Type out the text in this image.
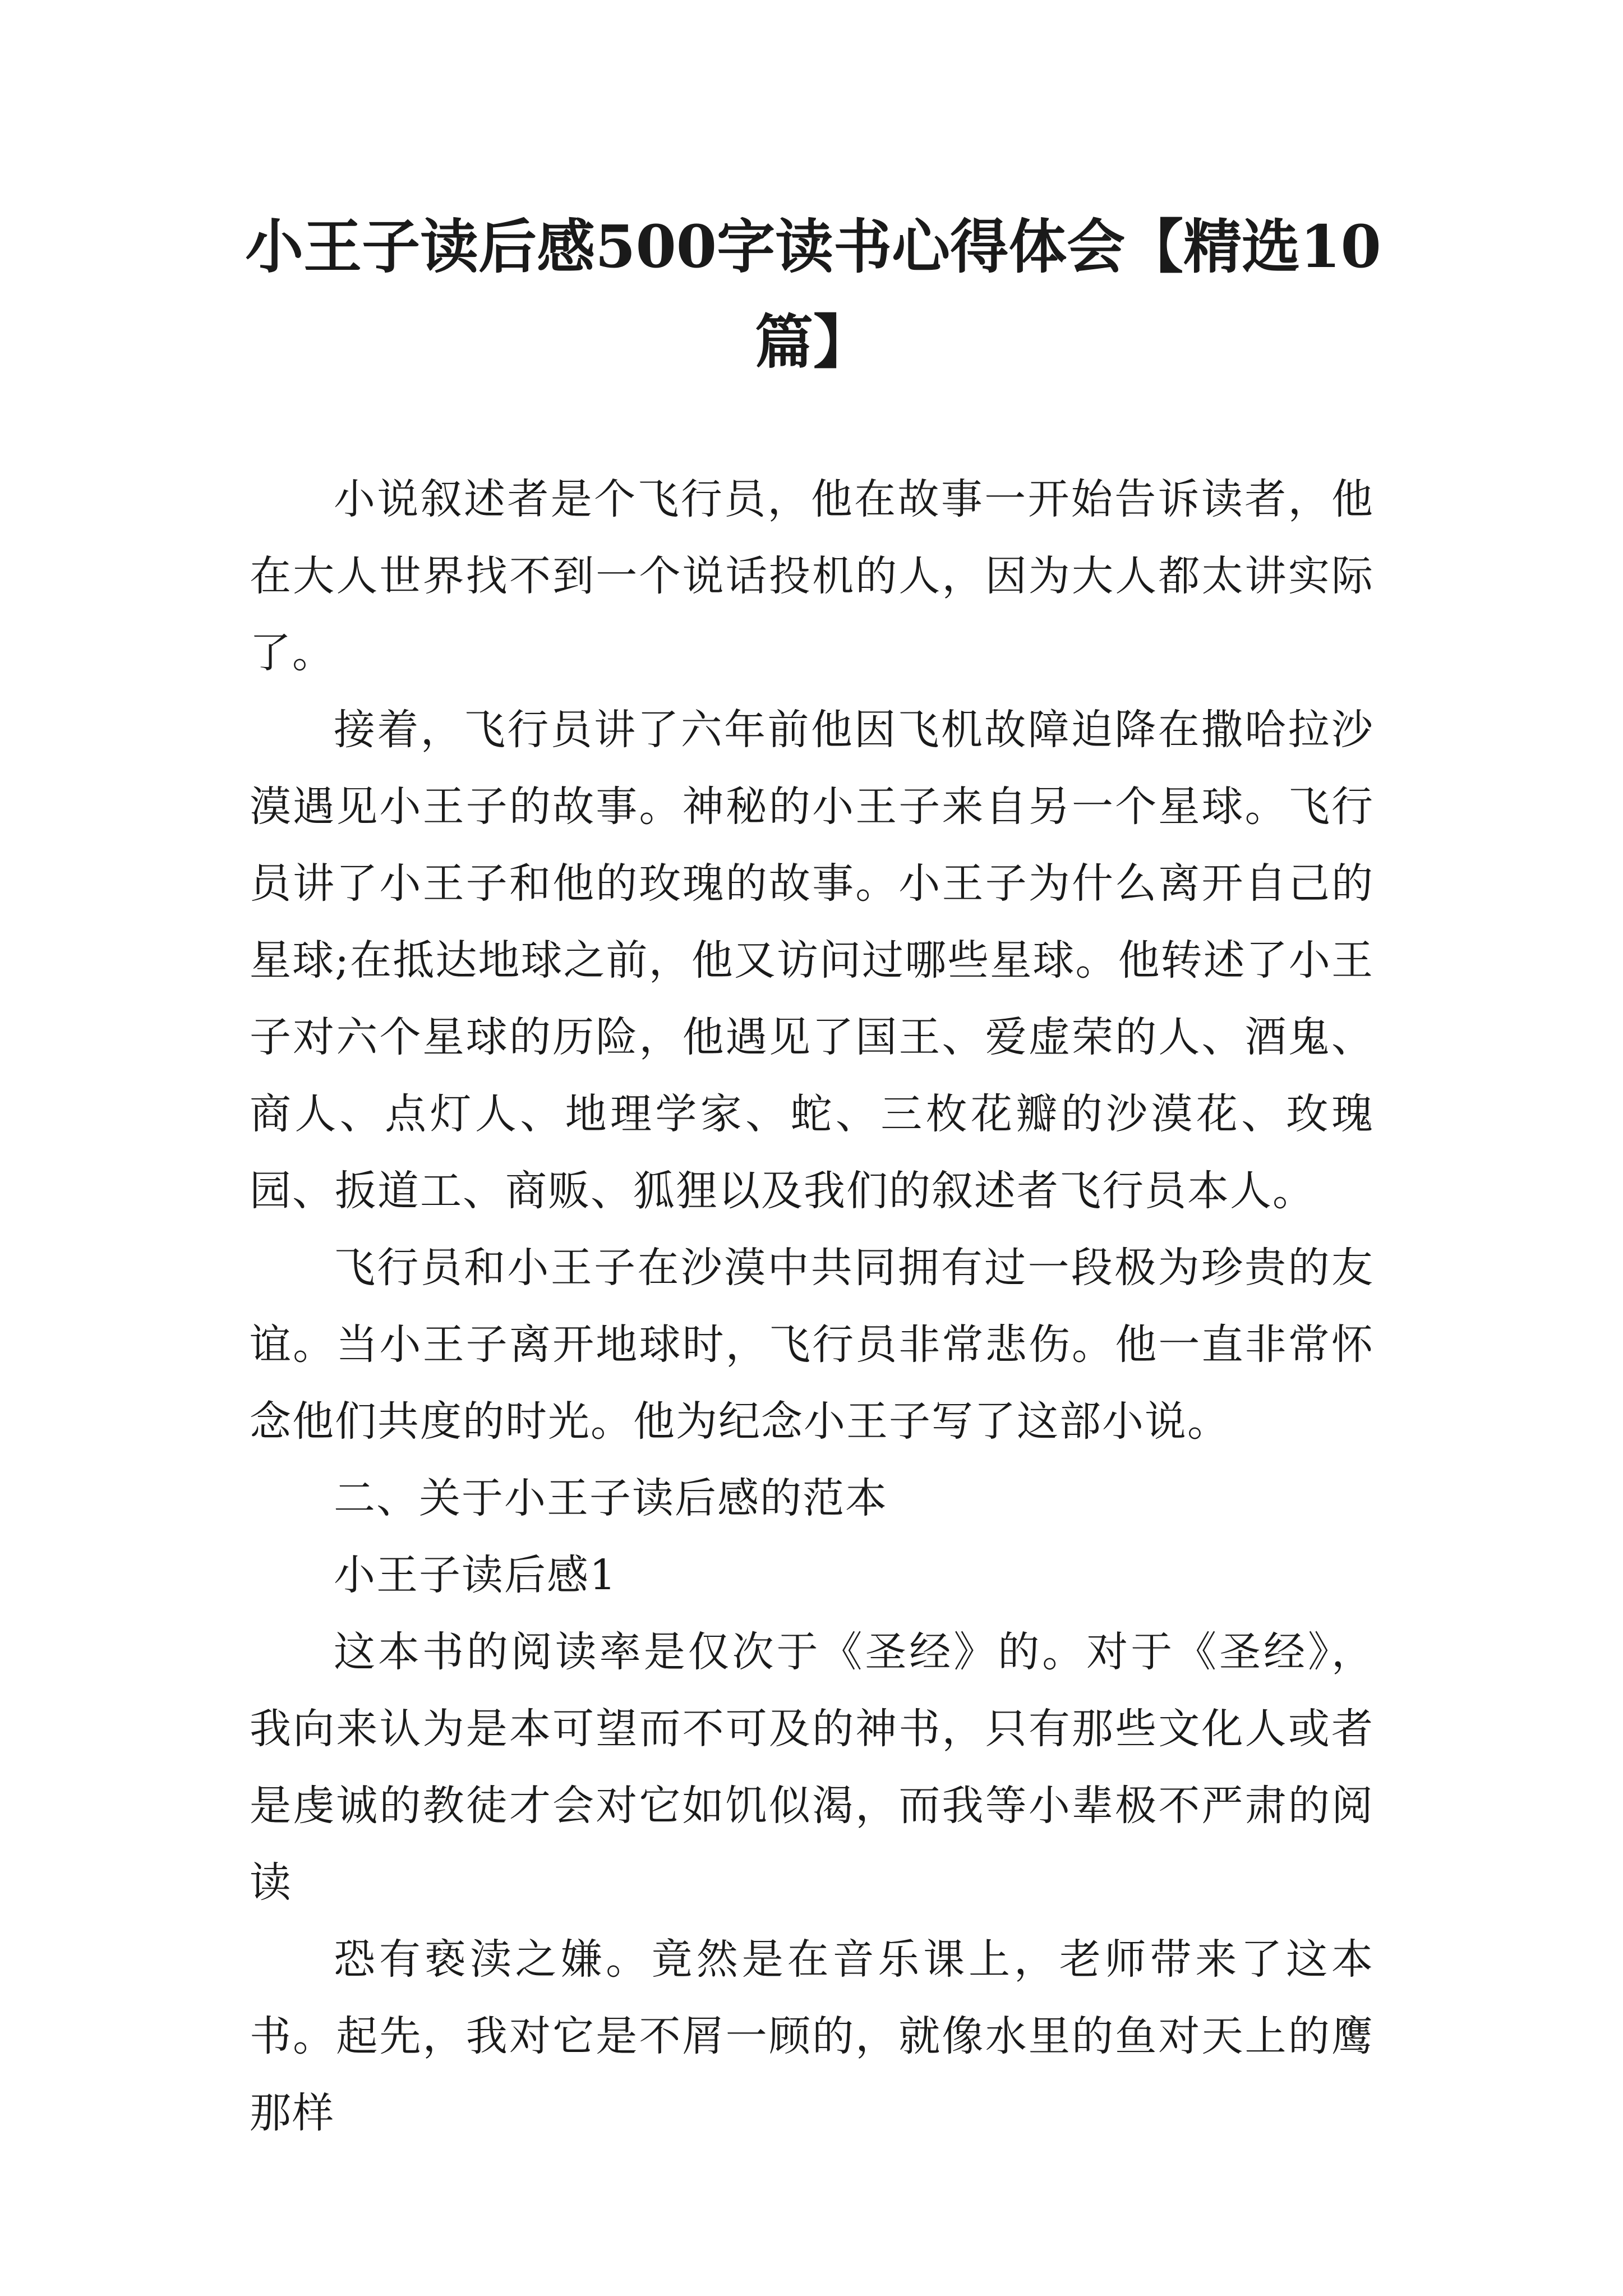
小王子读后感500字读书心得体会【精选10篇】

小说叙述者是个飞行员，他在故事一开始告诉读者，他在大人世界找不到一个说话投机的人，因为大人都太讲实际了。

接着，飞行员讲了六年前他因飞机故障迫降在撒哈拉沙漠遇见小王子的故事。神秘的小王子来自另一个星球。飞行员讲了小王子和他的玫瑰的故事。小王子为什么离开自己的星球;在抵达地球之前，他又访问过哪些星球。他转述了小王子对六个星球的历险，他遇见了国王、爱虚荣的人、酒鬼、商人、点灯人、地理学家、蛇、三枚花瓣的沙漠花、玫瑰园、扳道工、商贩、狐狸以及我们的叙述者飞行员本人。

飞行员和小王子在沙漠中共同拥有过一段极为珍贵的友谊。当小王子离开地球时，飞行员非常悲伤。他一直非常怀念他们共度的时光。他为纪念小王子写了这部小说。

二、关于小王子读后感的范本

小王子读后感1

这本书的阅读率是仅次于《圣经》的。对于《圣经》，我向来认为是本可望而不可及的神书，只有那些文化人或者是虔诚的教徒才会对它如饥似渴，而我等小辈极不严肃的阅读

恐有亵渎之嫌。竟然是在音乐课上，老师带来了这本书。起先，我对它是不屑一顾的，就像水里的鱼对天上的鹰那样
